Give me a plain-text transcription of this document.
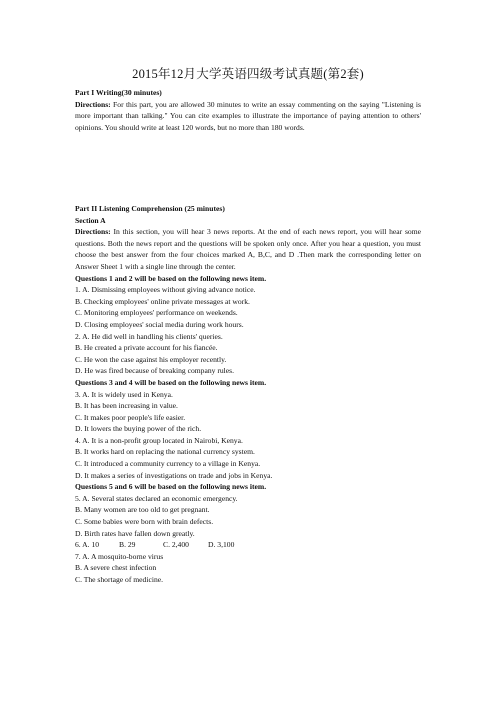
2015年12月大学英语四级考试真题(第2套)
Part I Writing(30 minutes)
Directions: For this part, you are allowed 30 minutes to write an essay commenting on the saying "Listening is more important than talking." You can cite examples to illustrate the importance of paying attention to others' opinions. You should write at least 120 words, but no more than 180 words.
Part II Listening Comprehension (25 minutes)
Section A
Directions: In this section, you will hear 3 news reports. At the end of each news report, you will hear some questions. Both the news report and the questions will be spoken only once. After you hear a question, you must choose the best answer from the four choices marked A, B,C, and D .Then mark the corresponding letter on Answer Sheet 1 with a single line through the center.
Questions 1 and 2 will be based on the following news item.
1. A. Dismissing employees without giving advance notice.
B. Checking employees' online private messages at work.
C. Monitoring employees' performance on weekends.
D. Closing employees' social media during work hours.
2. A. He did well in handling his clients' queries.
B. He created a private account for his fiancée.
C. He won the case against his employer recently.
D. He was fired because of breaking company rules.
Questions 3 and 4 will be based on the following news item.
3. A. It is widely used in Kenya.
B. It has been increasing in value.
C. It makes poor people's life easier.
D. It lowers the buying power of the rich.
4. A. It is a non-profit group located in Nairobi, Kenya.
B. It works hard on replacing the national currency system.
C. It introduced a community currency to a village in Kenya.
D. It makes a series of investigations on trade and jobs in Kenya.
Questions 5 and 6 will be based on the following news item.
5. A. Several states declared an economic emergency.
B. Many women are too old to get pregnant.
C. Some babies were born with brain defects.
D. Birth rates have fallen down greatly.
6. A. 10	B. 29	C. 2,400	D. 3,100
7. A. A mosquito-borne virus
B. A severe chest infection
C. The shortage of medicine.
